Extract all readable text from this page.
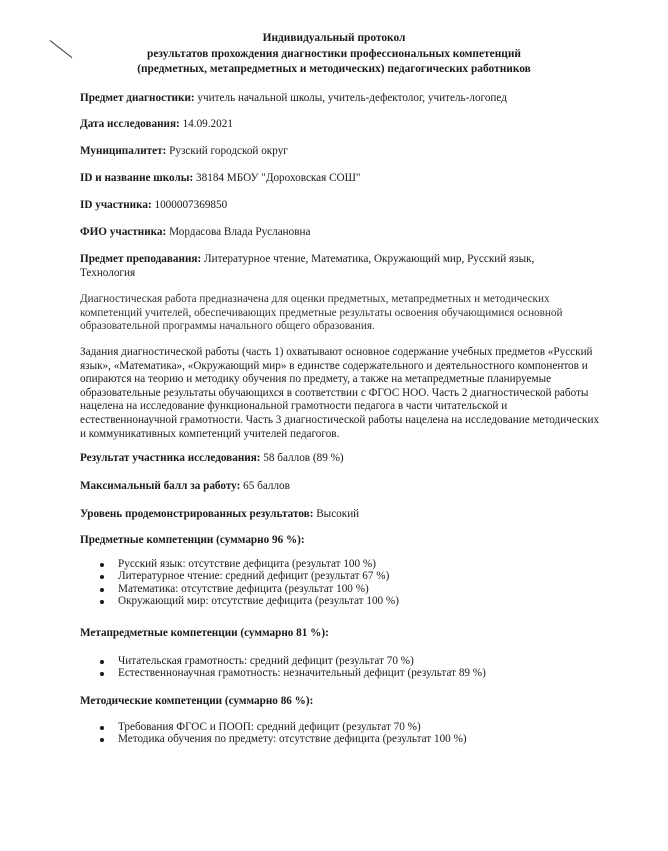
Индивидуальный протокол
результатов прохождения диагностики профессиональных компетенций
(предметных, метапредметных и методических) педагогических работников
Предмет диагностики: учитель начальной школы, учитель-дефектолог, учитель-логопед
Дата исследования: 14.09.2021
Муниципалитет: Рузский городской округ
ID и название школы: 38184 МБОУ "Дороховская СОШ"
ID участника: 1000007369850
ФИО участника: Мордасова Влада Руслановна
Предмет преподавания: Литературное чтение, Математика, Окружающий мир, Русский язык, Технология
Диагностическая работа предназначена для оценки предметных, метапредметных и методических компетенций учителей, обеспечивающих предметные результаты освоения обучающимися основной образовательной программы начального общего образования.
Задания диагностической работы (часть 1) охватывают основное содержание учебных предметов «Русский язык», «Математика», «Окружающий мир» в единстве содержательного и деятельностного компонентов и опираются на теорию и методику обучения по предмету, а также на метапредметные планируемые образовательные результаты обучающихся в соответствии с ФГОС НОО. Часть 2 диагностической работы нацелена на исследование функциональной грамотности педагога в части читательской и естественнонаучной грамотности. Часть 3 диагностической работы нацелена на исследование методических и коммуникативных компетенций учителей педагогов.
Результат участника исследования: 58 баллов (89 %)
Максимальный балл за работу: 65 баллов
Уровень продемонстрированных результатов: Высокий
Предметные компетенции (суммарно 96 %):
Русский язык: отсутствие дефицита (результат 100 %)
Литературное чтение: средний дефицит (результат 67 %)
Математика: отсутствие дефицита (результат 100 %)
Окружающий мир: отсутствие дефицита (результат 100 %)
Метапредметные компетенции (суммарно 81 %):
Читательская грамотность: средний дефицит (результат 70 %)
Естественнонаучная грамотность: незначительный дефицит (результат 89 %)
Методические компетенции (суммарно 86 %):
Требования ФГОС и ПООП: средний дефицит (результат 70 %)
Методика обучения по предмету: отсутствие дефицита (результат 100 %)
